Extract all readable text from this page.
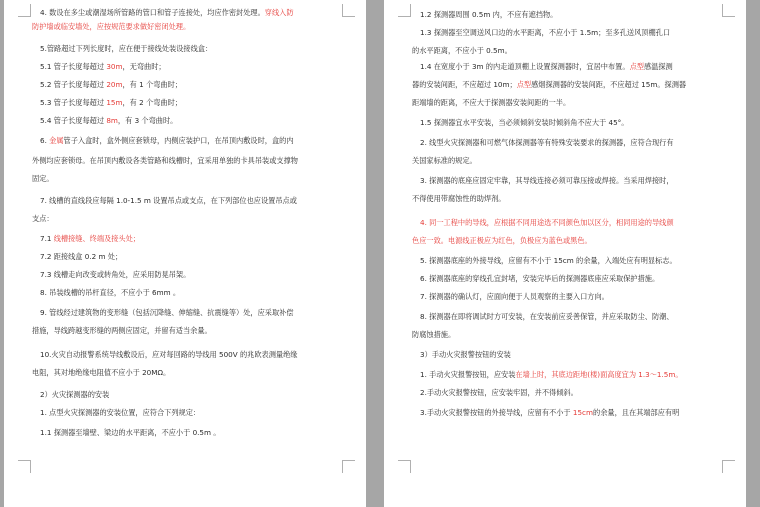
4. 数设在多尘或潮湿场所管路的管口和管子连接处，均应作密封处理。穿线入防
防护墙或临安墙处，应按规范要求做好密闭处理。
5.管路超过下列长度时，应在便于接线处装设接线盒：
5.1 管子长度每超过 30m，无弯曲时；
5.2 管子长度每超过 20m，有 1 个弯曲时；
5.3 管子长度每超过 15m，有 2 个弯曲时；
5.4 管子长度每超过 8m，有 3 个弯曲时。
6. 金属管子入盒时，盒外侧应套锁母，内侧应装护口，在吊顶内敷设时，盒的内
外侧均应套锁母。在吊顶内敷设各类管路和线槽时，宜采用单独的卡具吊装或支撑物
固定。
7. 线槽的直线段应每隔 1.0-1.5 m 设置吊点或支点，在下列部位也应设置吊点或
支点：
7.1 线槽接缝、终端及接头处；
7.2 距接线盒 0.2 m 处；
7.3 线槽走向改变或转角处，应采用防晃吊架。
8. 吊装线槽的吊杆直径，不应小于 6mm 。
9. 管线经过建筑物的变形缝（包括沉降缝、伸缩缝、抗震缝等）处，应采取补偿
措施，导线跨越变形缝的两侧应固定，并留有适当余量。
10.火灾自动报警系统导线敷设后，应对每回路的导线用 500V 的兆欧表测量绝缘
电阻，其对地绝缘电阻值不应小于 20MΩ。
2）火灾探测器的安装
1. 点型火灾探测器的安装位置，应符合下列规定：
1.1 探测器至墙壁、梁边的水平距离，不应小于 0.5m 。
1.2 探测器周围 0.5m 内，不应有遮挡物。
1.3 探测器至空调送风口边的水平距离，不应小于 1.5m；至多孔送风顶棚孔口
的水平距离，不应小于 0.5m。
1.4 在宽度小于 3m 的内走道顶棚上设置探测器时，宜居中布置。点型感温探测
器的安装间距，不应超过 10m；点型感烟探测器的安装间距，不应超过 15m。探测器
距端墙的距离，不应大于探测器安装间距的一半。
1.5 探测器宜水平安装，当必须倾斜安装时倾斜角不应大于 45°。
2. 线型火灾探测器和可燃气体探测器等有特殊安装要求的探测器，应符合现行有
关国家标准的规定。
3. 探测器的底座应固定牢靠，其导线连接必须可靠压接或焊接。当采用焊接时，
不得使用带腐蚀性的助焊剂。
4. 同一工程中的导线，应根据不同用途选不同颜色加以区分，相同用途的导线颜
色应一致。电源线正极应为红色，负极应为蓝色或黑色。
5. 探测器底座的外接导线，应留有不小于 15cm 的余量，入端处应有明显标志。
6. 探测器底座的穿线孔宜封堵，安装完毕后的探测器底座应采取保护措施。
7. 探测器的确认灯，应面向便于人员观察的主要入口方向。
8. 探测器在即将调试时方可安装，在安装前应妥善保管，并应采取防尘、防潮、
防腐蚀措施。
3）手动火灾报警按钮的安装
1. 手动火灾报警按钮，应安装在墙上时，其底边距地(楼)面高度宜为 1.3～1.5m。
2.手动火灾报警按钮，应安装牢固，并不得倾斜。
3.手动火灾报警按钮的外接导线，应留有不小于 15cm的余量，且在其端部应有明
